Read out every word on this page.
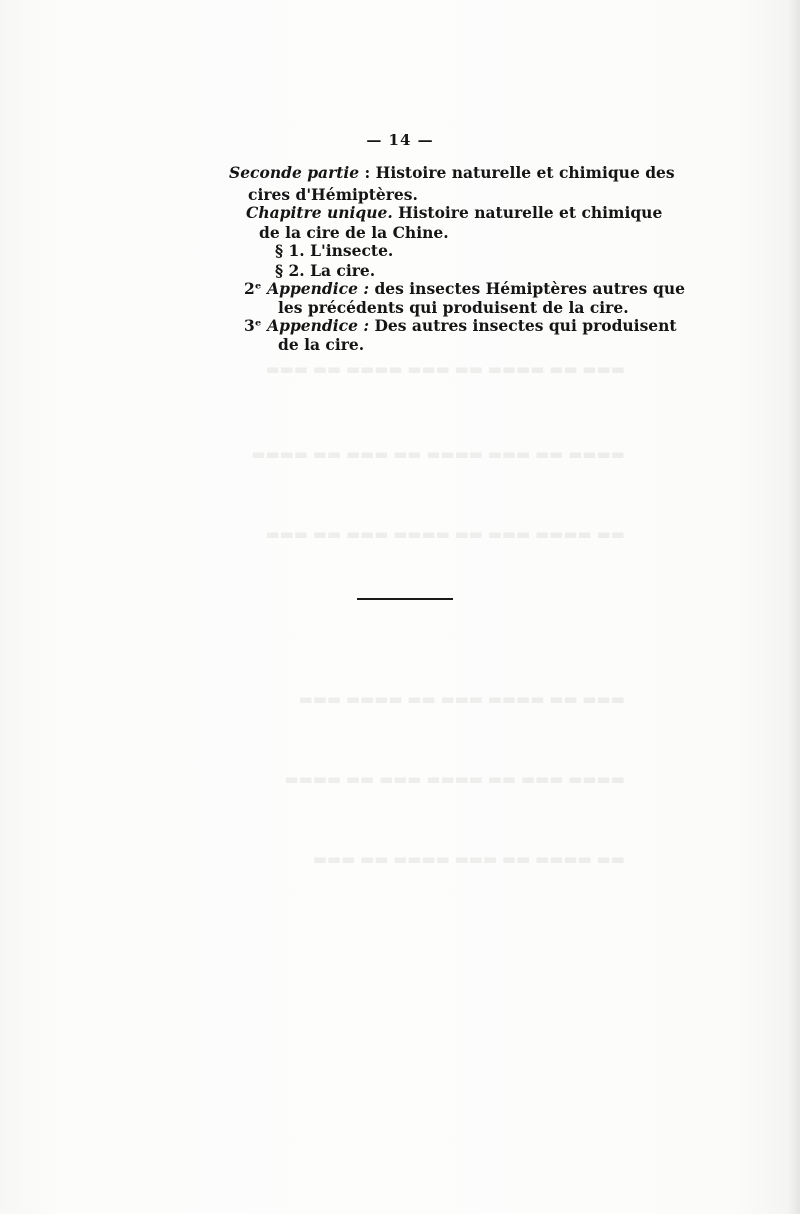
▬▬▬ ▬▬ ▬▬▬▬ ▬▬ ▬▬▬ ▬▬▬▬ ▬▬ ▬▬▬
▬▬▬▬ ▬▬ ▬▬▬ ▬▬▬▬ ▬▬ ▬▬▬ ▬▬ ▬▬▬▬
▬▬ ▬▬▬▬ ▬▬▬ ▬▬ ▬▬▬▬ ▬▬▬ ▬▬ ▬▬▬
▬▬▬ ▬▬ ▬▬▬▬ ▬▬▬ ▬▬ ▬▬▬▬ ▬▬▬
▬▬▬▬ ▬▬▬ ▬▬ ▬▬▬▬ ▬▬▬ ▬▬ ▬▬▬▬
▬▬ ▬▬▬▬ ▬▬ ▬▬▬ ▬▬▬▬ ▬▬ ▬▬▬
— 14 —
Seconde partie : Histoire naturelle et chimique des
cires d'Hémiptères.
Chapitre unique. Histoire naturelle et chimique
de la cire de la Chine.
§ 1. L'insecte.
§ 2. La cire.
2ᵉ Appendice : des insectes Hémiptères autres que
les précédents qui produisent de la cire.
3ᵉ Appendice : Des autres insectes qui produisent
de la cire.
